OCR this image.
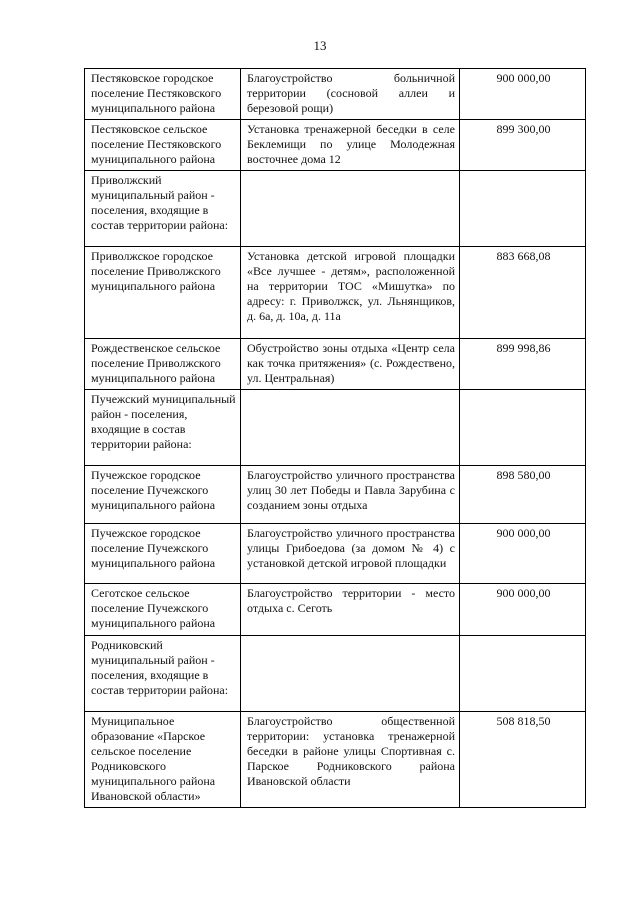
13
Пестяковское городское поселение Пестяковского муниципального района	Благоустройство больничной территории (сосновой аллеи и березовой рощи)	900 000,00
Пестяковское сельское поселение Пестяковского муниципального района	Установка тренажерной беседки в селе Беклемищи по улице Молодежная восточнее дома 12	899 300,00
Приволжский муниципальный район - поселения, входящие в состав территории района:		
Приволжское городское поселение Приволжского муниципального района	Установка детской игровой площадки «Все лучшее - детям», расположенной на территории ТОС «Мишутка» по адресу: г. Приволжск, ул. Льнянщиков, д. 6а, д. 10а, д. 11а	883 668,08
Рождественское сельское поселение Приволжского муниципального района	Обустройство зоны отдыха «Центр села как точка притяжения» (с. Рождествено, ул. Центральная)	899 998,86
Пучежский муниципальный район - поселения, входящие в состав территории района:		
Пучежское городское поселение Пучежского муниципального района	Благоустройство уличного пространства улиц 30 лет Победы и Павла Зарубина с созданием зоны отдыха	898 580,00
Пучежское городское поселение Пучежского муниципального района	Благоустройство уличного пространства улицы Грибоедова (за домом № 4) с установкой детской игровой площадки	900 000,00
Сеготское сельское поселение Пучежского муниципального района	Благоустройство территории - место отдыха с. Сеготь	900 000,00
Родниковский муниципальный район - поселения, входящие в состав территории района:		
Муниципальное образование «Парское сельское поселение Родниковского муниципального района Ивановской области»	Благоустройство общественной территории: установка тренажерной беседки в районе улицы Спортивная с. Парское Родниковского района Ивановской области	508 818,50
